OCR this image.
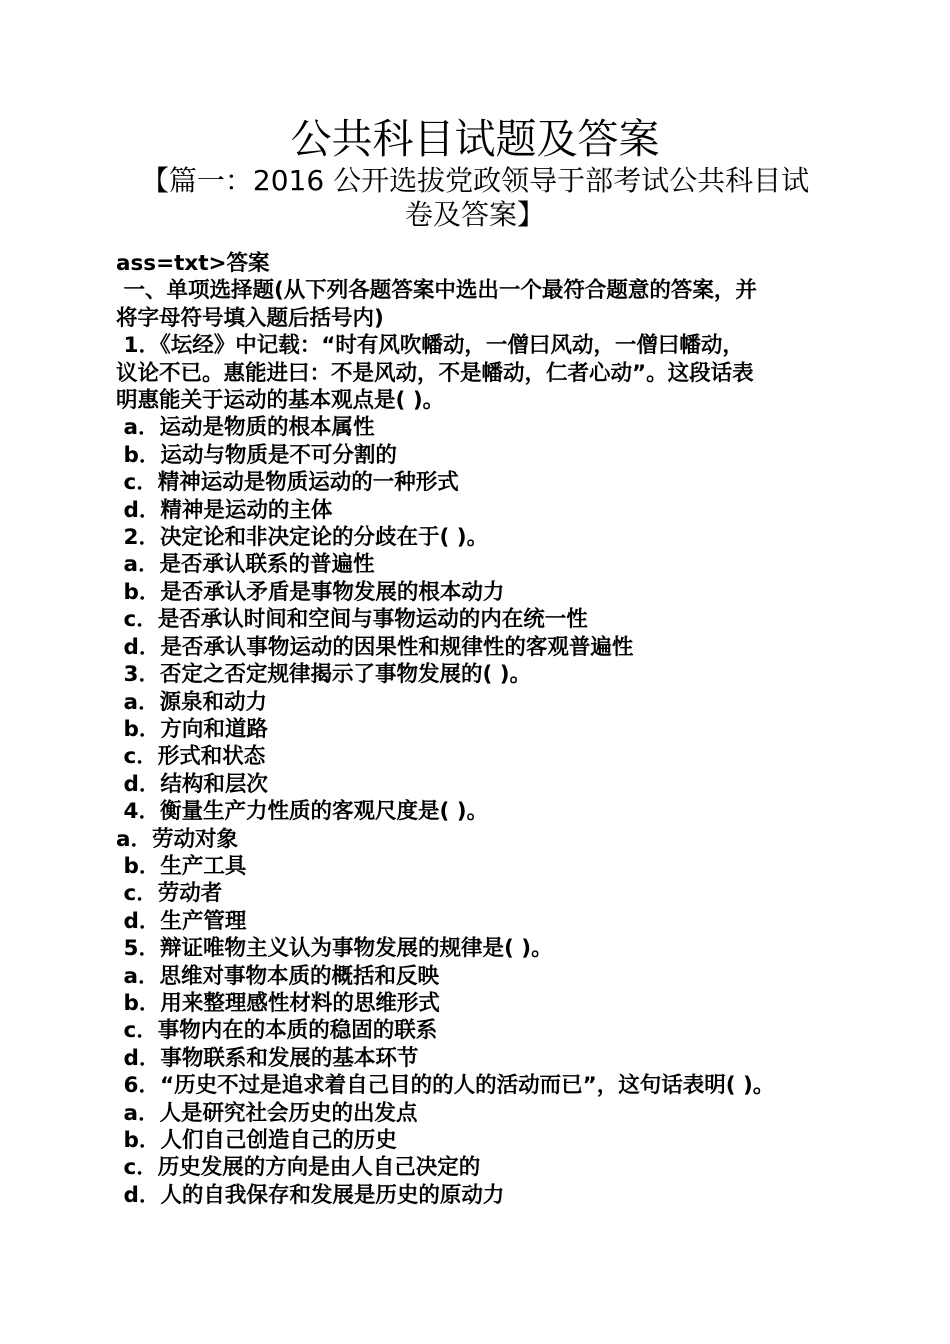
公共科目试题及答案
【篇一：2016 公开选拔党政领导于部考试公共科目试
卷及答案】
ass=txt>答案
一、单项选择题(从下列各题答案中选出一个最符合题意的答案，并
将字母符号填入题后括号内)
1．《坛经》中记载：“时有风吹幡动，一僧曰风动，一僧曰幡动，
议论不已。惠能进曰：不是风动，不是幡动，仁者心动”。这段话表
明惠能关于运动的基本观点是( )。
a．运动是物质的根本属性
b．运动与物质是不可分割的
c．精神运动是物质运动的一种形式
d．精神是运动的主体
2．决定论和非决定论的分歧在于( )。
a．是否承认联系的普遍性
b．是否承认矛盾是事物发展的根本动力
c．是否承认时间和空间与事物运动的内在统一性
d．是否承认事物运动的因果性和规律性的客观普遍性
3．否定之否定规律揭示了事物发展的( )。
a．源泉和动力
b．方向和道路
c．形式和状态
d．结构和层次
4．衡量生产力性质的客观尺度是( )。
a．劳动对象
b．生产工具
c．劳动者
d．生产管理
5．辩证唯物主义认为事物发展的规律是( )。
a．思维对事物本质的概括和反映
b．用来整理感性材料的思维形式
c．事物内在的本质的稳固的联系
d．事物联系和发展的基本环节
6．“历史不过是追求着自己目的的人的活动而已”，这句话表明( )。
a．人是研究社会历史的出发点
b．人们自己创造自己的历史
c．历史发展的方向是由人自己决定的
d．人的自我保存和发展是历史的原动力
